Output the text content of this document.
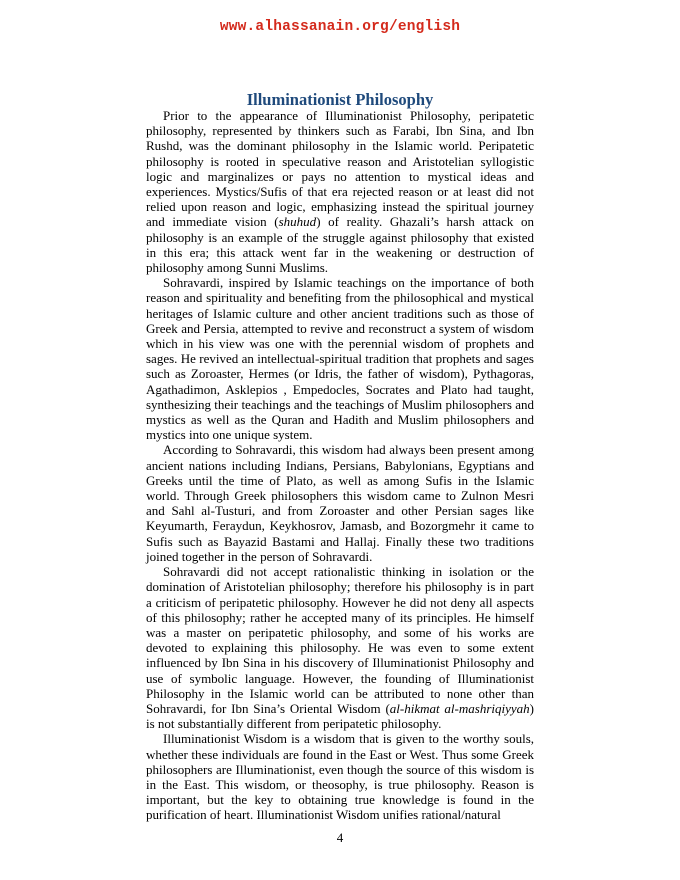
www.alhassanain.org/english
Illuminationist Philosophy

Prior to the appearance of Illuminationist Philosophy, peripatetic philosophy, represented by thinkers such as Farabi, Ibn Sina, and Ibn Rushd, was the dominant philosophy in the Islamic world. Peripatetic philosophy is rooted in speculative reason and Aristotelian syllogistic logic and marginalizes or pays no attention to mystical ideas and experiences. Mystics/Sufis of that era rejected reason or at least did not relied upon reason and logic, emphasizing instead the spiritual journey and immediate vision (shuhud) of reality. Ghazali’s harsh attack on philosophy is an example of the struggle against philosophy that existed in this era; this attack went far in the weakening or destruction of philosophy among Sunni Muslims.

Sohravardi, inspired by Islamic teachings on the importance of both reason and spirituality and benefiting from the philosophical and mystical heritages of Islamic culture and other ancient traditions such as those of Greek and Persia, attempted to revive and reconstruct a system of wisdom which in his view was one with the perennial wisdom of prophets and sages. He revived an intellectual-spiritual tradition that prophets and sages such as Zoroaster, Hermes (or Idris, the father of wisdom), Pythagoras, Agathadimon, Asklepios , Empedocles, Socrates and Plato had taught, synthesizing their teachings and the teachings of Muslim philosophers and mystics as well as the Quran and Hadith and Muslim philosophers and mystics into one unique system.

According to Sohravardi, this wisdom had always been present among ancient nations including Indians, Persians, Babylonians, Egyptians and Greeks until the time of Plato, as well as among Sufis in the Islamic world. Through Greek philosophers this wisdom came to Zulnon Mesri and Sahl al-Tusturi, and from Zoroaster and other Persian sages like Keyumarth, Feraydun, Keykhosrov, Jamasb, and Bozorgmehr it came to Sufis such as Bayazid Bastami and Hallaj. Finally these two traditions joined together in the person of Sohravardi.

Sohravardi did not accept rationalistic thinking in isolation or the domination of Aristotelian philosophy; therefore his philosophy is in part a criticism of peripatetic philosophy. However he did not deny all aspects of this philosophy; rather he accepted many of its principles. He himself was a master on peripatetic philosophy, and some of his works are devoted to explaining this philosophy. He was even to some extent influenced by Ibn Sina in his discovery of Illuminationist Philosophy and use of symbolic language. However, the founding of Illuminationist Philosophy in the Islamic world can be attributed to none other than Sohravardi, for Ibn Sina’s Oriental Wisdom (al-hikmat al-mashriqiyyah) is not substantially different from peripatetic philosophy.

Illuminationist Wisdom is a wisdom that is given to the worthy souls, whether these individuals are found in the East or West. Thus some Greek philosophers are Illuminationist, even though the source of this wisdom is in the East. This wisdom, or theosophy, is true philosophy. Reason is important, but the key to obtaining true knowledge is found in the purification of heart. Illuminationist Wisdom unifies rational/natural

4
